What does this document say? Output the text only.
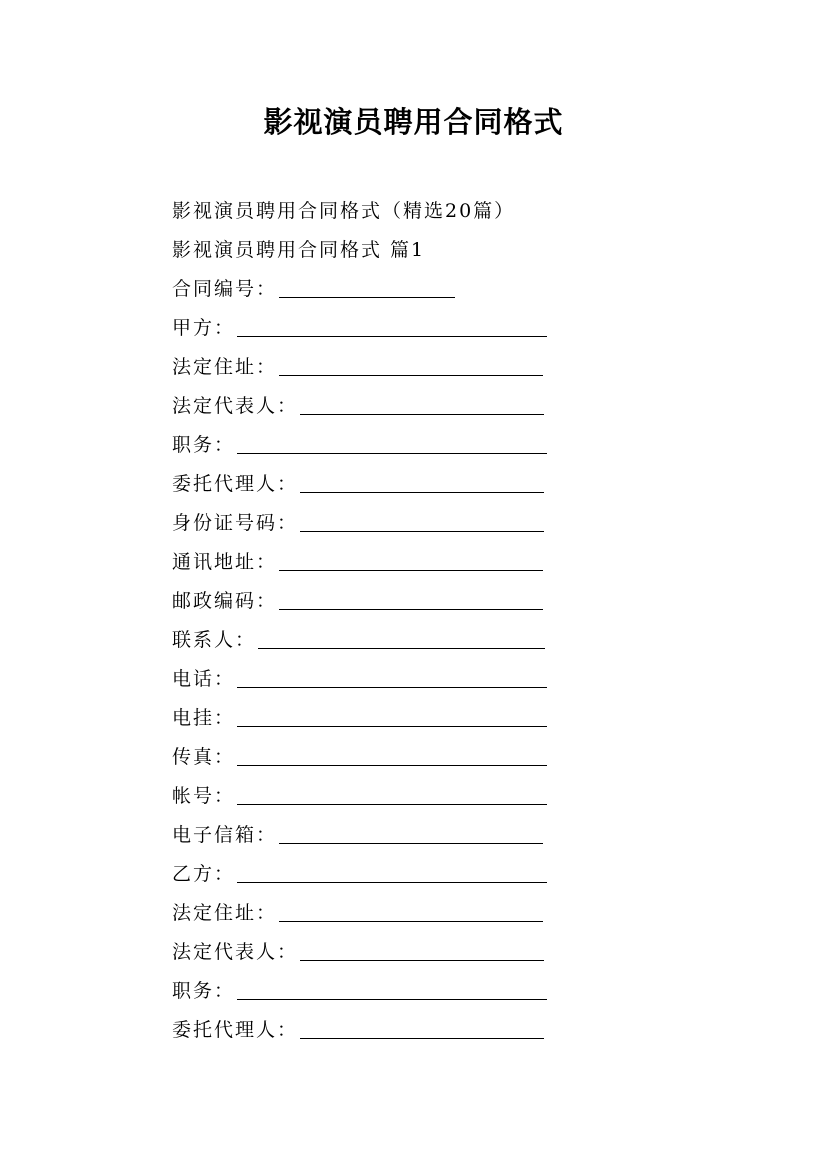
影视演员聘用合同格式
影视演员聘用合同格式（精选20篇）
影视演员聘用合同格式 篇1
合同编号：
甲方：
法定住址：
法定代表人：
职务：
委托代理人：
身份证号码：
通讯地址：
邮政编码：
联系人：
电话：
电挂：
传真：
帐号：
电子信箱：
乙方：
法定住址：
法定代表人：
职务：
委托代理人：
